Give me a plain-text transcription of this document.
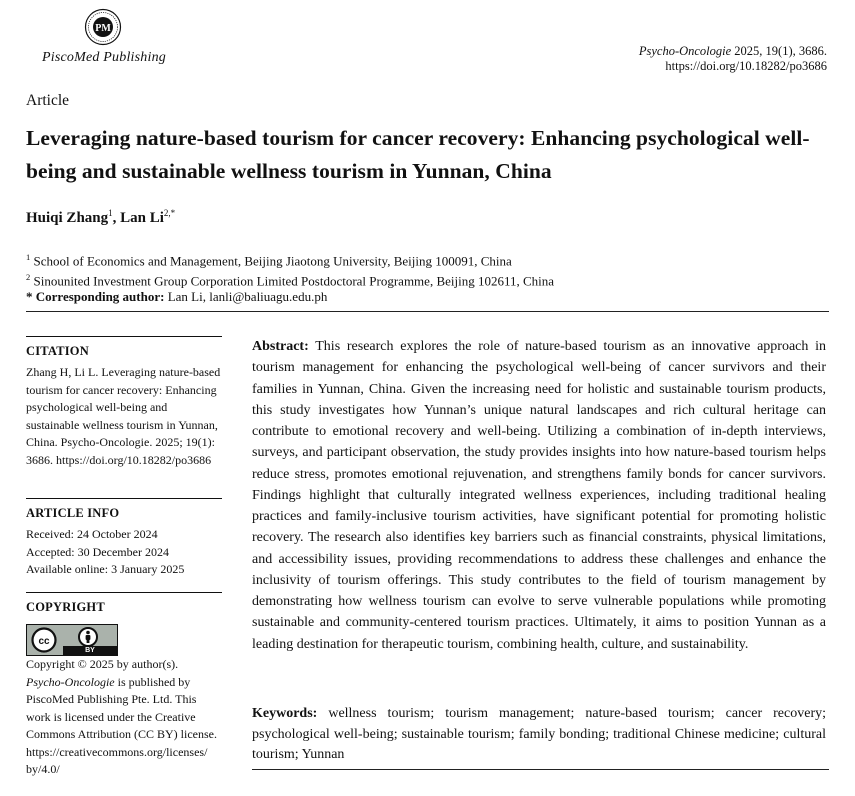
PM
PiscoMed Publishing	Psycho-Oncologie 2025, 19(1), 3686.
https://doi.org/10.18282/po3686
Article
Leveraging nature-based tourism for cancer recovery: Enhancing psychological well-being and sustainable wellness tourism in Yunnan, China
Huiqi Zhang$^1$, Lan $Li^{2,*}$
$^1$ School of Economics and Management, Beijing Jiaotong University, Beijing 100091, China
$^2$ Sinounited Investment Group Corporation Limited Postdoctoral Programme, Beijing 102611, China
* Corresponding author: Lan Li, lanli@baliuagu.edu.ph
CITATION
Zhang H, Li L. Leveraging nature-based tourism for cancer recovery: Enhancing psychological well-being and sustainable wellness tourism in Yunnan, China. Psycho-Oncologie. 2025; 19(1): 3686. https://doi.org/10.18282/po3686
ARTICLE INFO
Received: 24 October 2024
Accepted: 30 December 2024
Available online: 3 January 2025
COPYRIGHT
cc
BY
Copyright © 2025 by author(s).
Psycho-Oncologie is published by PiscoMed Publishing Pte. Ltd. This work is licensed under the Creative Commons Attribution (CC BY) license.
https://creativecommons.org/licenses/
by/4.0/
Abstract: This research explores the role of nature-based tourism as an innovative approach in tourism management for enhancing the psychological well-being of cancer survivors and their families in Yunnan, China. Given the increasing need for holistic and sustainable tourism products, this study investigates how Yunnan’s unique natural landscapes and rich cultural heritage can contribute to emotional recovery and well-being. Utilizing a combination of in-depth interviews, surveys, and participant observation, the study provides insights into how nature-based tourism helps reduce stress, promotes emotional rejuvenation, and strengthens family bonds for cancer survivors. Findings highlight that culturally integrated wellness experiences, including traditional healing practices and family-inclusive tourism activities, have significant potential for promoting holistic recovery. The research also identifies key barriers such as financial constraints, physical limitations, and accessibility issues, providing recommendations to address these challenges and enhance the inclusivity of tourism offerings. This study contributes to the field of tourism management by demonstrating how wellness tourism can evolve to serve vulnerable populations while promoting sustainable and community-centered tourism practices. Ultimately, it aims to position Yunnan as a leading destination for therapeutic tourism, combining health, culture, and sustainability.
Keywords: wellness tourism; tourism management; nature-based tourism; cancer recovery; psychological well-being; sustainable tourism; family bonding; traditional Chinese medicine; cultural tourism; Yunnan
